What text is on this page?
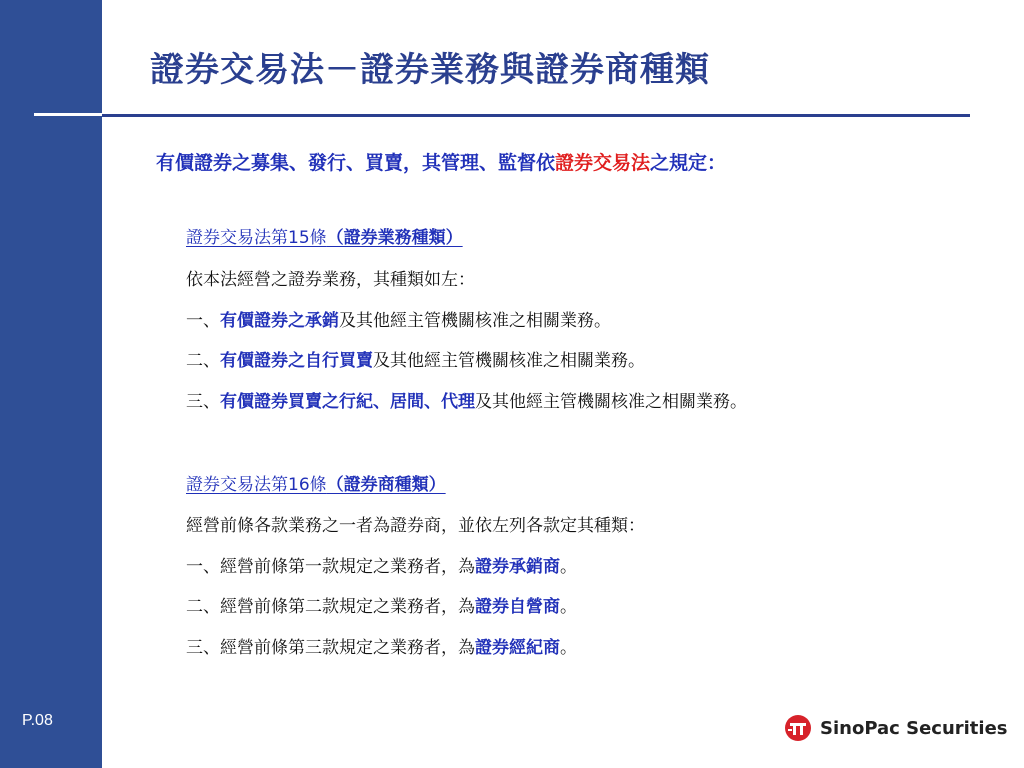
P.08
證券交易法－證券業務與證券商種類
有價證券之募集、發行、買賣，其管理、監督依證券交易法之規定：
證券交易法第15條（證券業務種類）
依本法經營之證券業務，其種類如左：
一、有價證券之承銷及其他經主管機關核准之相關業務。
二、有價證券之自行買賣及其他經主管機關核准之相關業務。
三、有價證券買賣之行紀、居間、代理及其他經主管機關核准之相關業務。
證券交易法第16條（證券商種類）
經營前條各款業務之一者為證券商，並依左列各款定其種類：
一、經營前條第一款規定之業務者，為證券承銷商。
二、經營前條第二款規定之業務者，為證券自營商。
三、經營前條第三款規定之業務者，為證券經紀商。
SinoPac Securities
